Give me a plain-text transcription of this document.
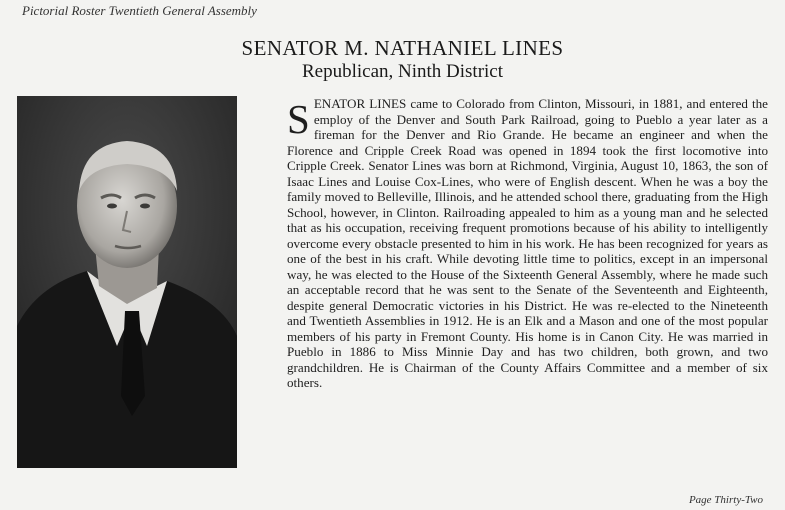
Pictorial Roster Twentieth General Assembly
SENATOR M. NATHANIEL LINES
Republican, Ninth District
SENATOR LINES came to Colorado from Clinton, Missouri, in 1881, and entered the employ of the Denver and South Park Railroad, going to Pueblo a year later as a fireman for the Denver and Rio Grande. He became an engineer and when the Florence and Cripple Creek Road was opened in 1894 took the first locomotive into Cripple Creek. Senator Lines was born at Richmond, Virginia, August 10, 1863, the son of Isaac Lines and Louise Cox-Lines, who were of English descent. When he was a boy the family moved to Belleville, Illinois, and he attended school there, graduating from the High School, however, in Clinton. Railroading appealed to him as a young man and he selected that as his occupation, receiving frequent promotions because of his ability to intelligently overcome every obstacle presented to him in his work. He has been recognized for years as one of the best in his craft. While devoting little time to politics, except in an impersonal way, he was elected to the House of the Sixteenth General Assembly, where he made such an acceptable record that he was sent to the Senate of the Seventeenth and Eighteenth, despite general Democratic victories in his District. He was re-elected to the Nineteenth and Twentieth Assemblies in 1912. He is an Elk and a Mason and one of the most popular members of his party in Fremont County. His home is in Canon City. He was married in Pueblo in 1886 to Miss Minnie Day and has two children, both grown, and two grandchildren. He is Chairman of the County Affairs Committee and a member of six others.
Page Thirty-Two
